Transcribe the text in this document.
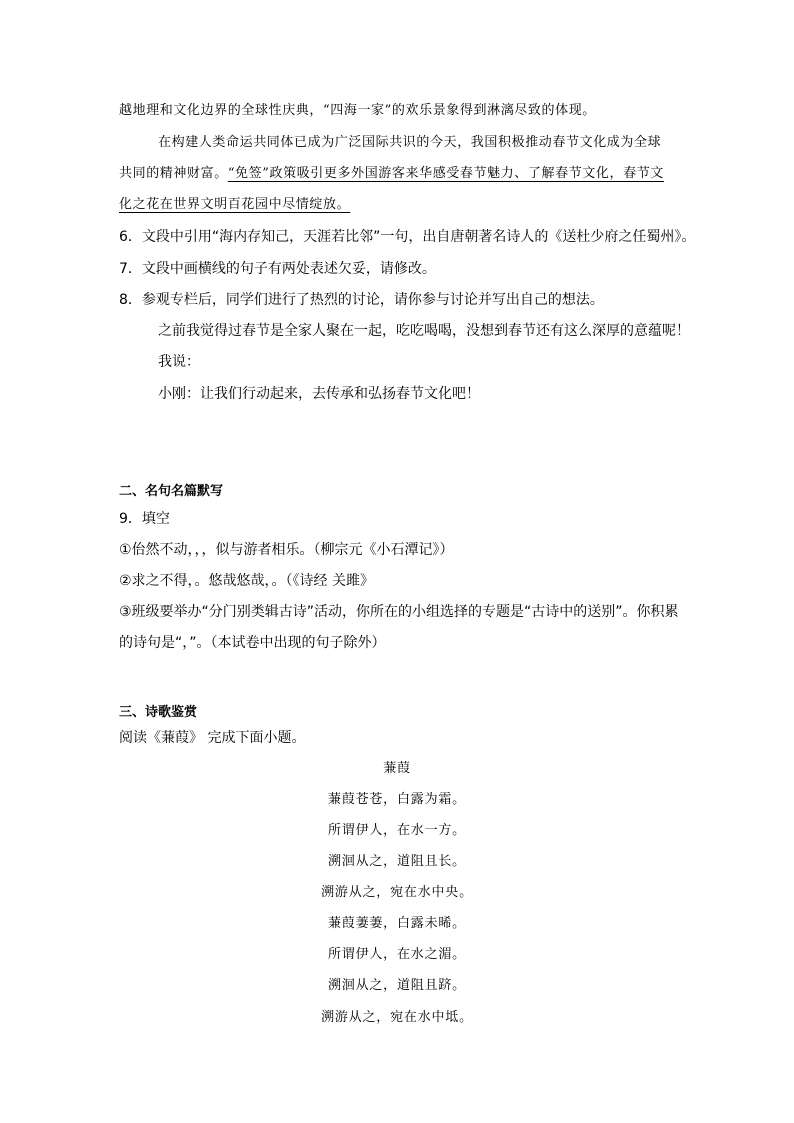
越地理和文化边界的全球性庆典，“四海一家”的欢乐景象得到淋漓尽致的体现。
在构建人类命运共同体已成为广泛国际共识的今天，我国积极推动春节文化成为全球
共同的精神财富。“免签”政策吸引更多外国游客来华感受春节魅力、了解春节文化，春节文
化之花在世界文明百花园中尽情绽放。
6．文段中引用“海内存知己，天涯若比邻”一句，出自唐朝著名诗人的《送杜少府之任蜀州》。
7．文段中画横线的句子有两处表述欠妥，请修改。
8．参观专栏后，同学们进行了热烈的讨论，请你参与讨论并写出自己的想法。
之前我觉得过春节是全家人聚在一起，吃吃喝喝，没想到春节还有这么深厚的意蕴呢！
我说：
小刚：让我们行动起来，去传承和弘扬春节文化吧！
二、名句名篇默写
9．填空
①佁然不动，，，似与游者相乐。（柳宗元《小石潭记》）
②求之不得，。悠哉悠哉，。（《诗经 关雎》
③班级要举办“分门别类辑古诗”活动，你所在的小组选择的专题是“古诗中的送别”。你积累
的诗句是“，”。（本试卷中出现的句子除外）
三、诗歌鉴赏
阅读《蒹葭》 完成下面小题。
蒹葭
蒹葭苍苍，白露为霜。
所谓伊人，在水一方。
溯洄从之，道阻且长。
溯游从之，宛在水中央。
蒹葭萋萋，白露未晞。
所谓伊人，在水之湄。
溯洄从之，道阻且跻。
溯游从之，宛在水中坻。
